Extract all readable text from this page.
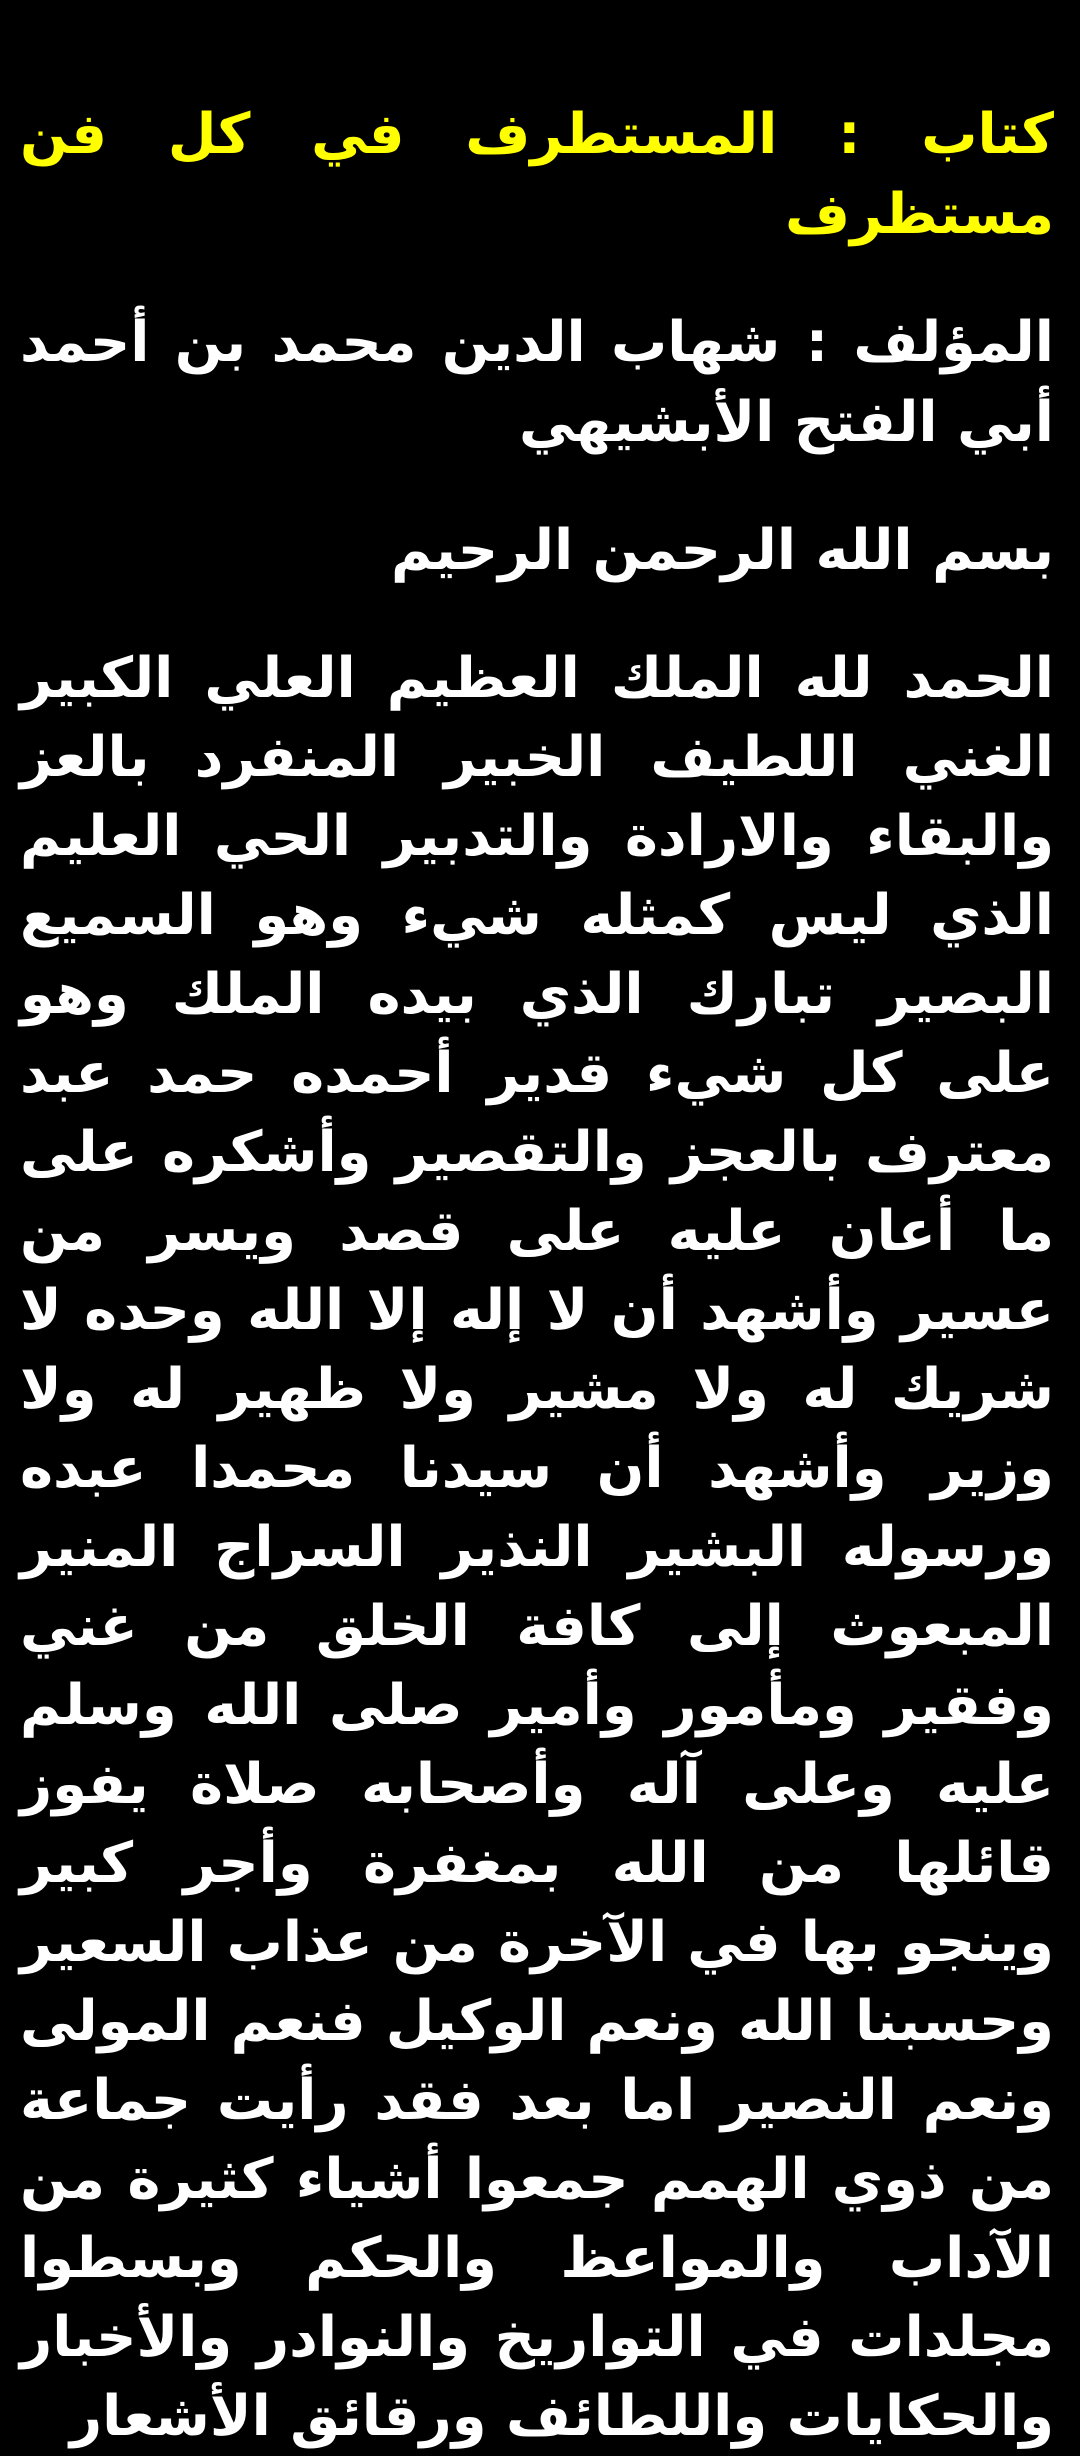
كتاب : المستطرف في كل فن مستظرف

المؤلف : شهاب الدين محمد بن أحمد أبي الفتح الأبشيهي

بسم الله الرحمن الرحيم

الحمد لله الملك العظيم العلي الكبير الغني اللطيف الخبير المنفرد بالعز والبقاء والارادة والتدبير الحي العليم الذي ليس كمثله شيء وهو السميع البصير تبارك الذي بيده الملك وهو على كل شيء قدير أحمده حمد عبد معترف بالعجز والتقصير وأشكره على ما أعان عليه على قصد ويسر من عسير وأشهد أن لا إله إلا الله وحده لا شريك له ولا مشير ولا ظهير له ولا وزير وأشهد أن سيدنا محمدا عبده ورسوله البشير النذير السراج المنير المبعوث إلى كافة الخلق من غني وفقير ومأمور وأمير صلى الله وسلم عليه وعلى آله وأصحابه صلاة يفوز قائلها من الله بمغفرة وأجر كبير وينجو بها في الآخرة من عذاب السعير وحسبنا الله ونعم الوكيل فنعم المولى ونعم النصير اما بعد فقد رأيت جماعة من ذوي الهمم جمعوا أشياء كثيرة من الآداب والمواعظ والحكم وبسطوا مجلدات في التواريخ والنوادر والأخبار والحكايات واللطائف ورقائق الأشعار
